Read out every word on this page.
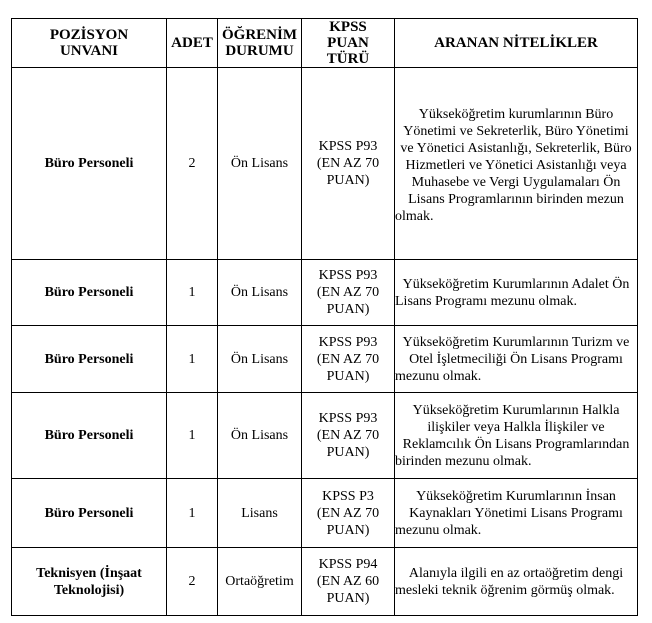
POZİSYON UNVANI	ADET	ÖĞRENİM DURUMU	KPSS PUAN TÜRÜ	ARANAN NİTELİKLER
Büro Personeli	2	Ön Lisans	KPSS P93 (EN AZ 70 PUAN)	Yükseköğretim kurumlarının Büro Yönetimi ve Sekreterlik, Büro Yönetimi ve Yönetici Asistanlığı, Sekreterlik, Büro Hizmetleri ve Yönetici Asistanlığı veya Muhasebe ve Vergi Uygulamaları Ön Lisans Programlarının birinden mezun olmak.
Büro Personeli	1	Ön Lisans	KPSS P93 (EN AZ 70 PUAN)	Yükseköğretim Kurumlarının Adalet Ön Lisans Programı mezunu olmak.
Büro Personeli	1	Ön Lisans	KPSS P93 (EN AZ 70 PUAN)	Yükseköğretim Kurumlarının Turizm ve Otel İşletmeciliği Ön Lisans Programı mezunu olmak.
Büro Personeli	1	Ön Lisans	KPSS P93 (EN AZ 70 PUAN)	Yükseköğretim Kurumlarının Halkla ilişkiler veya Halkla İlişkiler ve Reklamcılık Ön Lisans Programlarından birinden mezunu olmak.
Büro Personeli	1	Lisans	KPSS P3 (EN AZ 70 PUAN)	Yükseköğretim Kurumlarının İnsan Kaynakları Yönetimi Lisans Programı mezunu olmak.
Teknisyen (İnşaat Teknolojisi)	2	Ortaöğretim	KPSS P94 (EN AZ 60 PUAN)	Alanıyla ilgili en az ortaöğretim dengi mesleki teknik öğrenim görmüş olmak.
